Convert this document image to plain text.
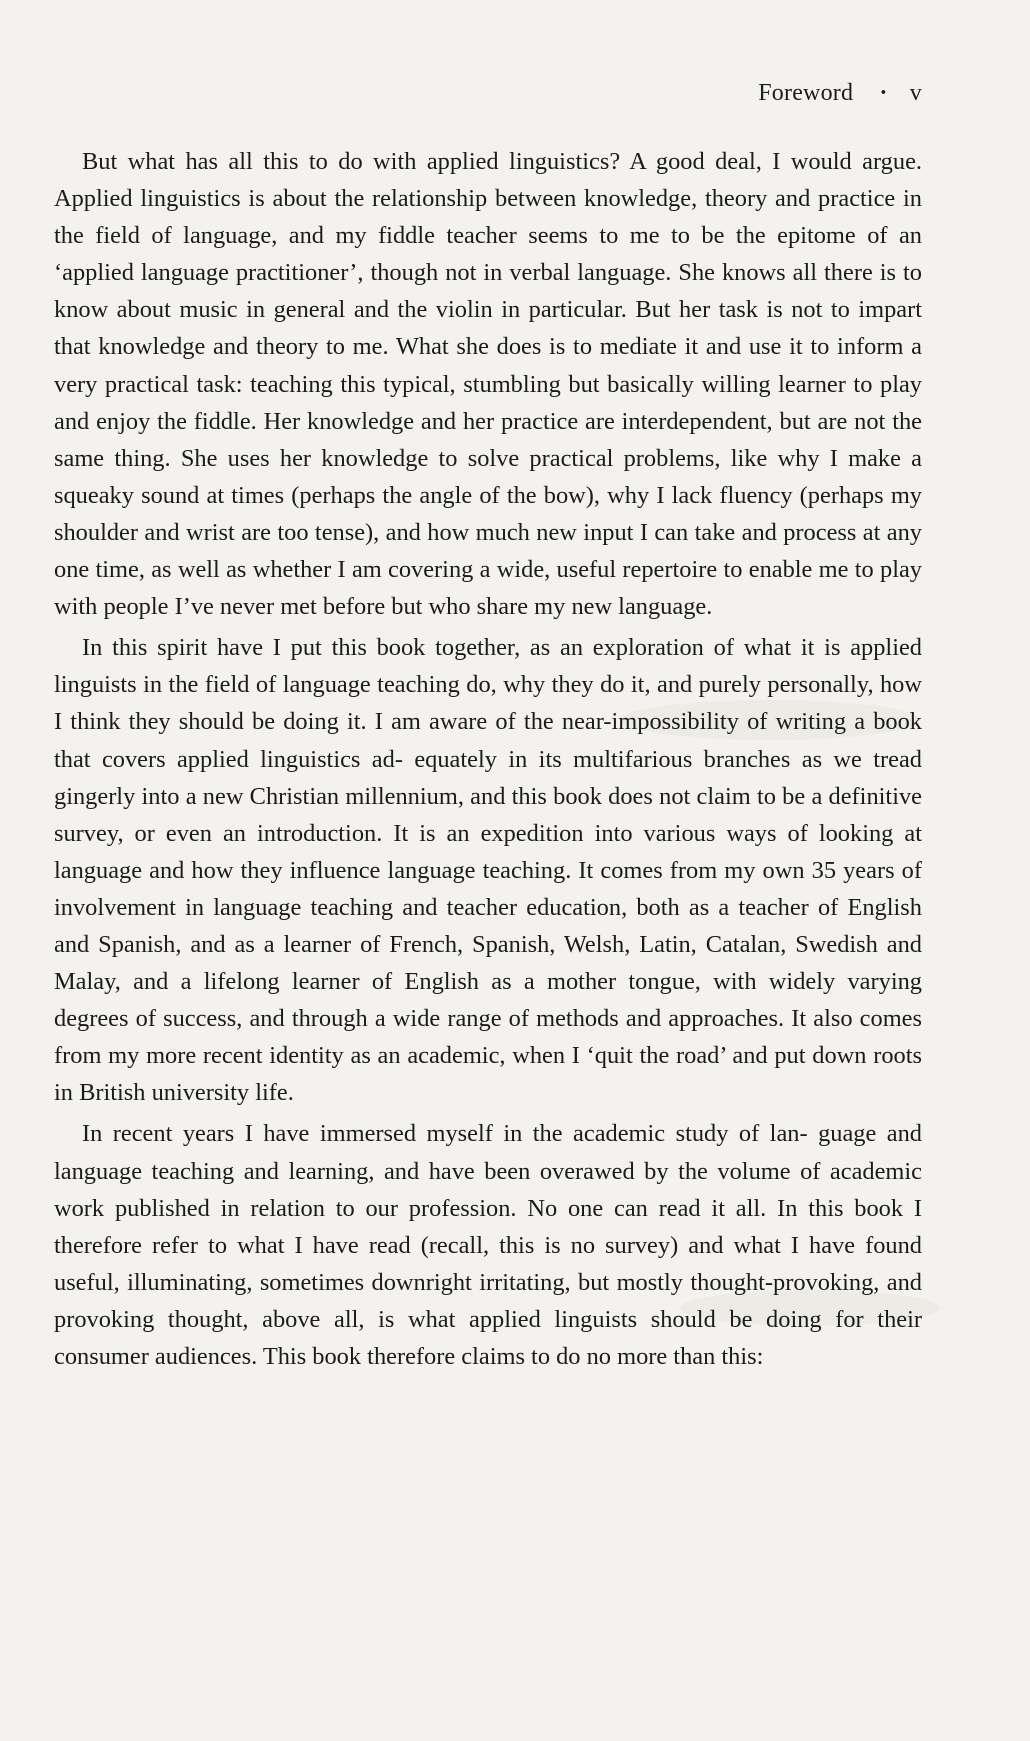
Foreword · v

But what has all this to do with applied linguistics? A good deal, I would argue. Applied linguistics is about the relationship between knowledge, theory and practice in the field of language, and my fiddle teacher seems to me to be the epitome of an ‘applied language practitioner’, though not in verbal language. She knows all there is to know about music in general and the violin in particular. But her task is not to impart that knowledge and theory to me. What she does is to mediate it and use it to inform a very practical task: teaching this typical, stumbling but basically willing learner to play and enjoy the fiddle. Her knowledge and her practice are interdependent, but are not the same thing. She uses her knowledge to solve practical problems, like why I make a squeaky sound at times (perhaps the angle of the bow), why I lack fluency (perhaps my shoulder and wrist are too tense), and how much new input I can take and process at any one time, as well as whether I am covering a wide, useful repertoire to enable me to play with people I’ve never met before but who share my new language.

In this spirit have I put this book together, as an exploration of what it is applied linguists in the field of language teaching do, why they do it, and purely personally, how I think they should be doing it. I am aware of the near-impossibility of writing a book that covers applied linguistics ad- equately in its multifarious branches as we tread gingerly into a new Christian millennium, and this book does not claim to be a definitive survey, or even an introduction. It is an expedition into various ways of looking at language and how they influence language teaching. It comes from my own 35 years of involvement in language teaching and teacher education, both as a teacher of English and Spanish, and as a learner of French, Spanish, Welsh, Latin, Catalan, Swedish and Malay, and a lifelong learner of English as a mother tongue, with widely varying degrees of success, and through a wide range of methods and approaches. It also comes from my more recent identity as an academic, when I ‘quit the road’ and put down roots in British university life.

In recent years I have immersed myself in the academic study of lan- guage and language teaching and learning, and have been overawed by the volume of academic work published in relation to our profession. No one can read it all. In this book I therefore refer to what I have read (recall, this is no survey) and what I have found useful, illuminating, sometimes downright irritating, but mostly thought-provoking, and provoking thought, above all, is what applied linguists should be doing for their consumer audiences. This book therefore claims to do no more than this:
